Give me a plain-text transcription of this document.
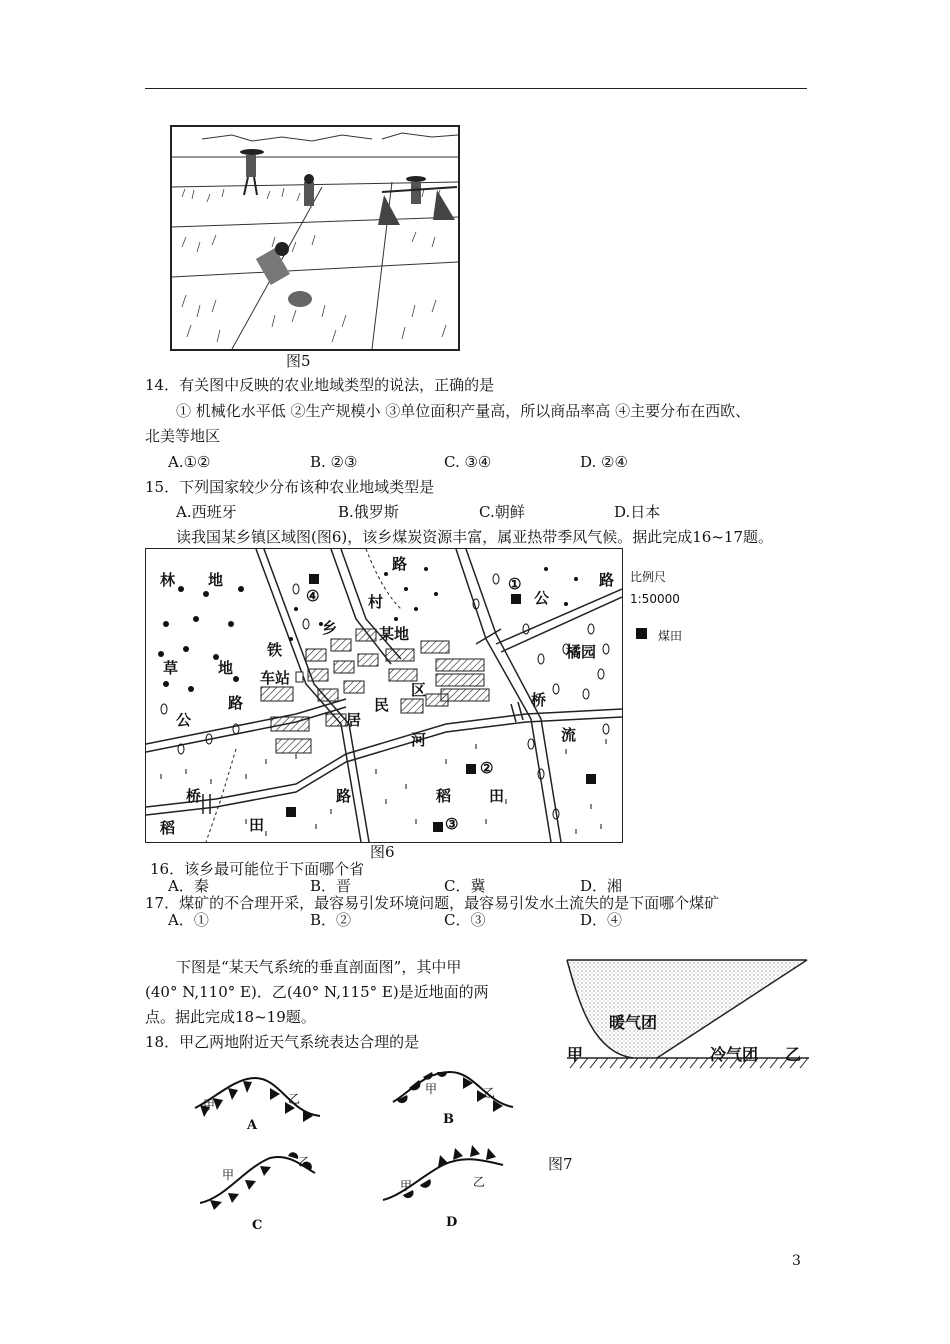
图5
14．有关图中反映的农业地域类型的说法，正确的是
① 机械化水平低 ②生产规模小 ③单位面积产量高，所以商品率高 ④主要分布在西欧、
北美等地区
A.①②	B. ②③	C. ③④	D. ②④
15．下列国家较少分布该种农业地域类型是
A.西班牙	B.俄罗斯	C.朝鲜	D.日本
读我国某乡镇区域图(图6)，该乡煤炭资源丰富，属亚热带季风气候。据此完成16~17题。
林 地
草	地
铁
车站
路
公
路
村
乡	某地
居
民
区
河
路
公
橘园
桥
流
桥
稻	田
路	稻	田
①
②
③
④
比例尺
1:50000
煤田
图6
16．该乡最可能位于下面哪个省
A．秦	B．晋	C．冀	D．湘
17．煤矿的不合理开采，最容易引发环境问题，最容易引发水土流失的是下面哪个煤矿
A．①	B．②	C．③	D．④
下图是“某天气系统的垂直剖面图”，其中甲
(40° N,110° E)．乙(40° N,115° E)是近地面的两
点。据此完成18~19题。
18．甲乙两地附近天气系统表达合理的是
暖气团
冷气团
甲	乙
A
甲	乙
B
甲	乙
C
甲
乙
D
甲	乙
图7
3
